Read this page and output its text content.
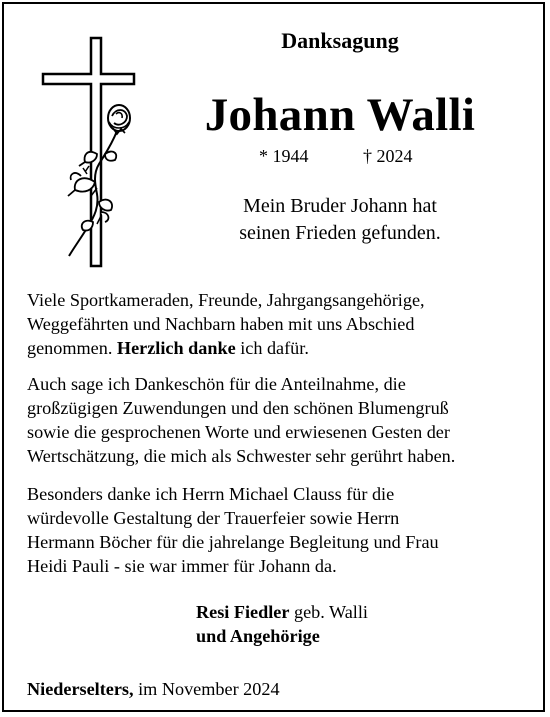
Danksagung
Johann Walli
* 1944	† 2024
Mein Bruder Johann hat
seinen Frieden gefunden.
Viele Sportkameraden, Freunde, Jahrgangsangehörige,
Weggefährten und Nachbarn haben mit uns Abschied
genommen. Herzlich danke ich dafür.
Auch sage ich Dankeschön für die Anteilnahme, die
großzügigen Zuwendungen und den schönen Blumengruß
sowie die gesprochenen Worte und erwiesenen Gesten der
Wertschätzung, die mich als Schwester sehr gerührt haben.
Besonders danke ich Herrn Michael Clauss für die
würdevolle Gestaltung der Trauerfeier sowie Herrn
Hermann Böcher für die jahrelange Begleitung und Frau
Heidi Pauli - sie war immer für Johann da.
Resi Fiedler geb. Walli
und Angehörige
Niederselters, im November 2024
